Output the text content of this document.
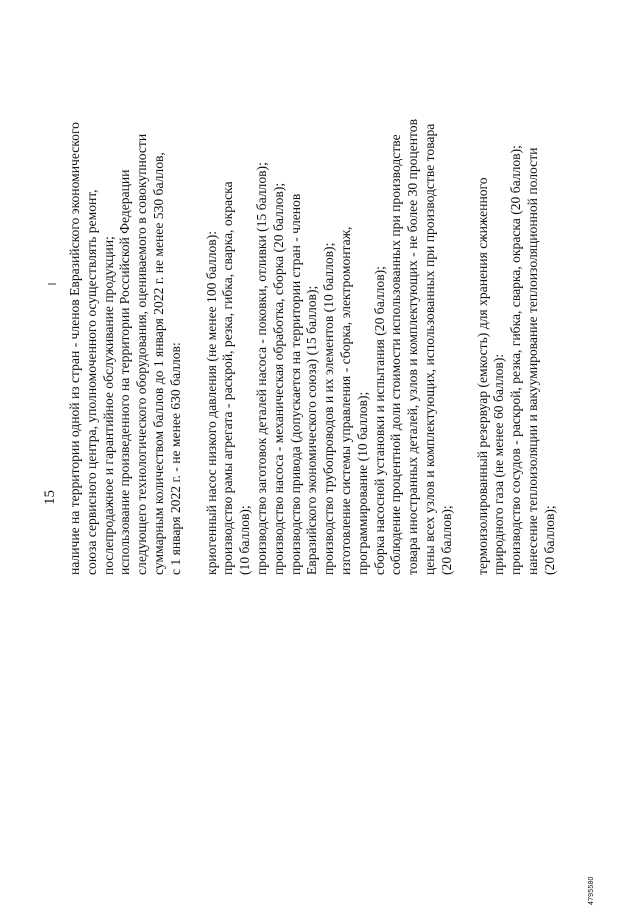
15 наличие на территории одной из стран - членов Евразийского экономического союза сервисного центра, уполномоченного осуществлять ремонт, послепродажное и гарантийное обслуживание продукции; использование произведенного на территории Российской Федерации следующего технологического оборудования, оцениваемого в совокупности суммарным количеством баллов до 1 января 2022 г. не менее 530 баллов, с 1 января 2022 г. - не менее 630 баллов: криогенный насос низкого давления (не менее 100 баллов): производство рамы агрегата - раскрой, резка, гибка, сварка, окраска (10 баллов); производство заготовок деталей насоса - поковки, отливки (15 баллов); производство насоса - механическая обработка, сборка (20 баллов); производство привода (допускается на территории стран - членов Евразийского экономического союза) (15 баллов); производство трубопроводов и их элементов (10 баллов); изготовление системы управления - сборка, электромонтаж, программирование (10 баллов); сборка насосной установки и испытания (20 баллов); соблюдение процентной доли стоимости использованных при производстве товара иностранных деталей, узлов и комплектующих - не более 30 процентов цены всех узлов и комплектующих, использованных при производстве товара (20 баллов); термоизолированный резервуар (емкость) для хранения сжиженного природного газа (не менее 60 баллов): производство сосудов - раскрой, резка, гибка, сварка, окраска (20 баллов); нанесение теплоизоляции и вакуумирование теплоизоляционной полости (20 баллов);

4795580
